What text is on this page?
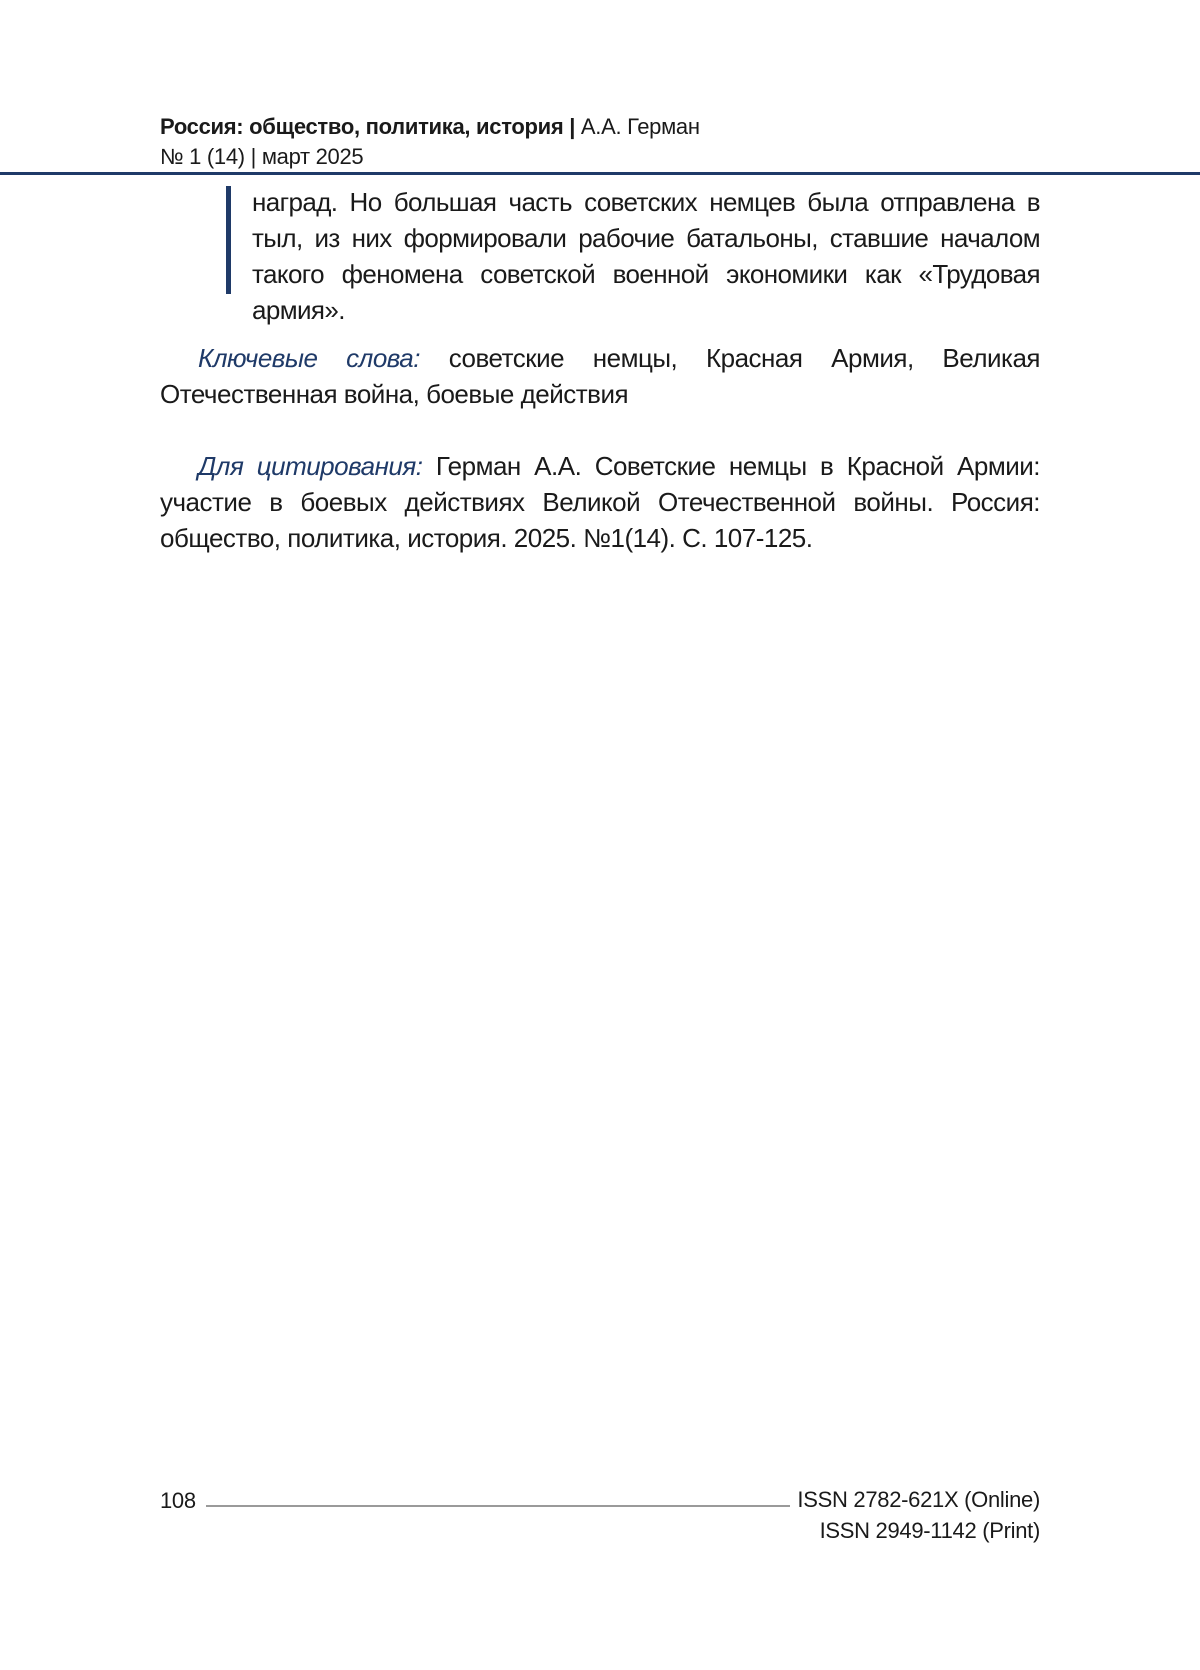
Россия: общество, политика, история | А.А. Герман
№ 1 (14) | март 2025
наград. Но большая часть советских немцев была отправлена в тыл, из них формировали рабочие батальоны, ставшие началом такого феномена советской военной экономики как «Трудовая армия».
Ключевые слова: советские немцы, Красная Армия, Великая Отечественная война, боевые действия
Для цитирования: Герман А.А. Советские немцы в Красной Армии: участие в боевых действиях Великой Отечественной войны. Россия: общество, политика, история. 2025. №1(14). С. 107-125.
108	ISSN 2782-621X (Online)
ISSN 2949-1142 (Print)
